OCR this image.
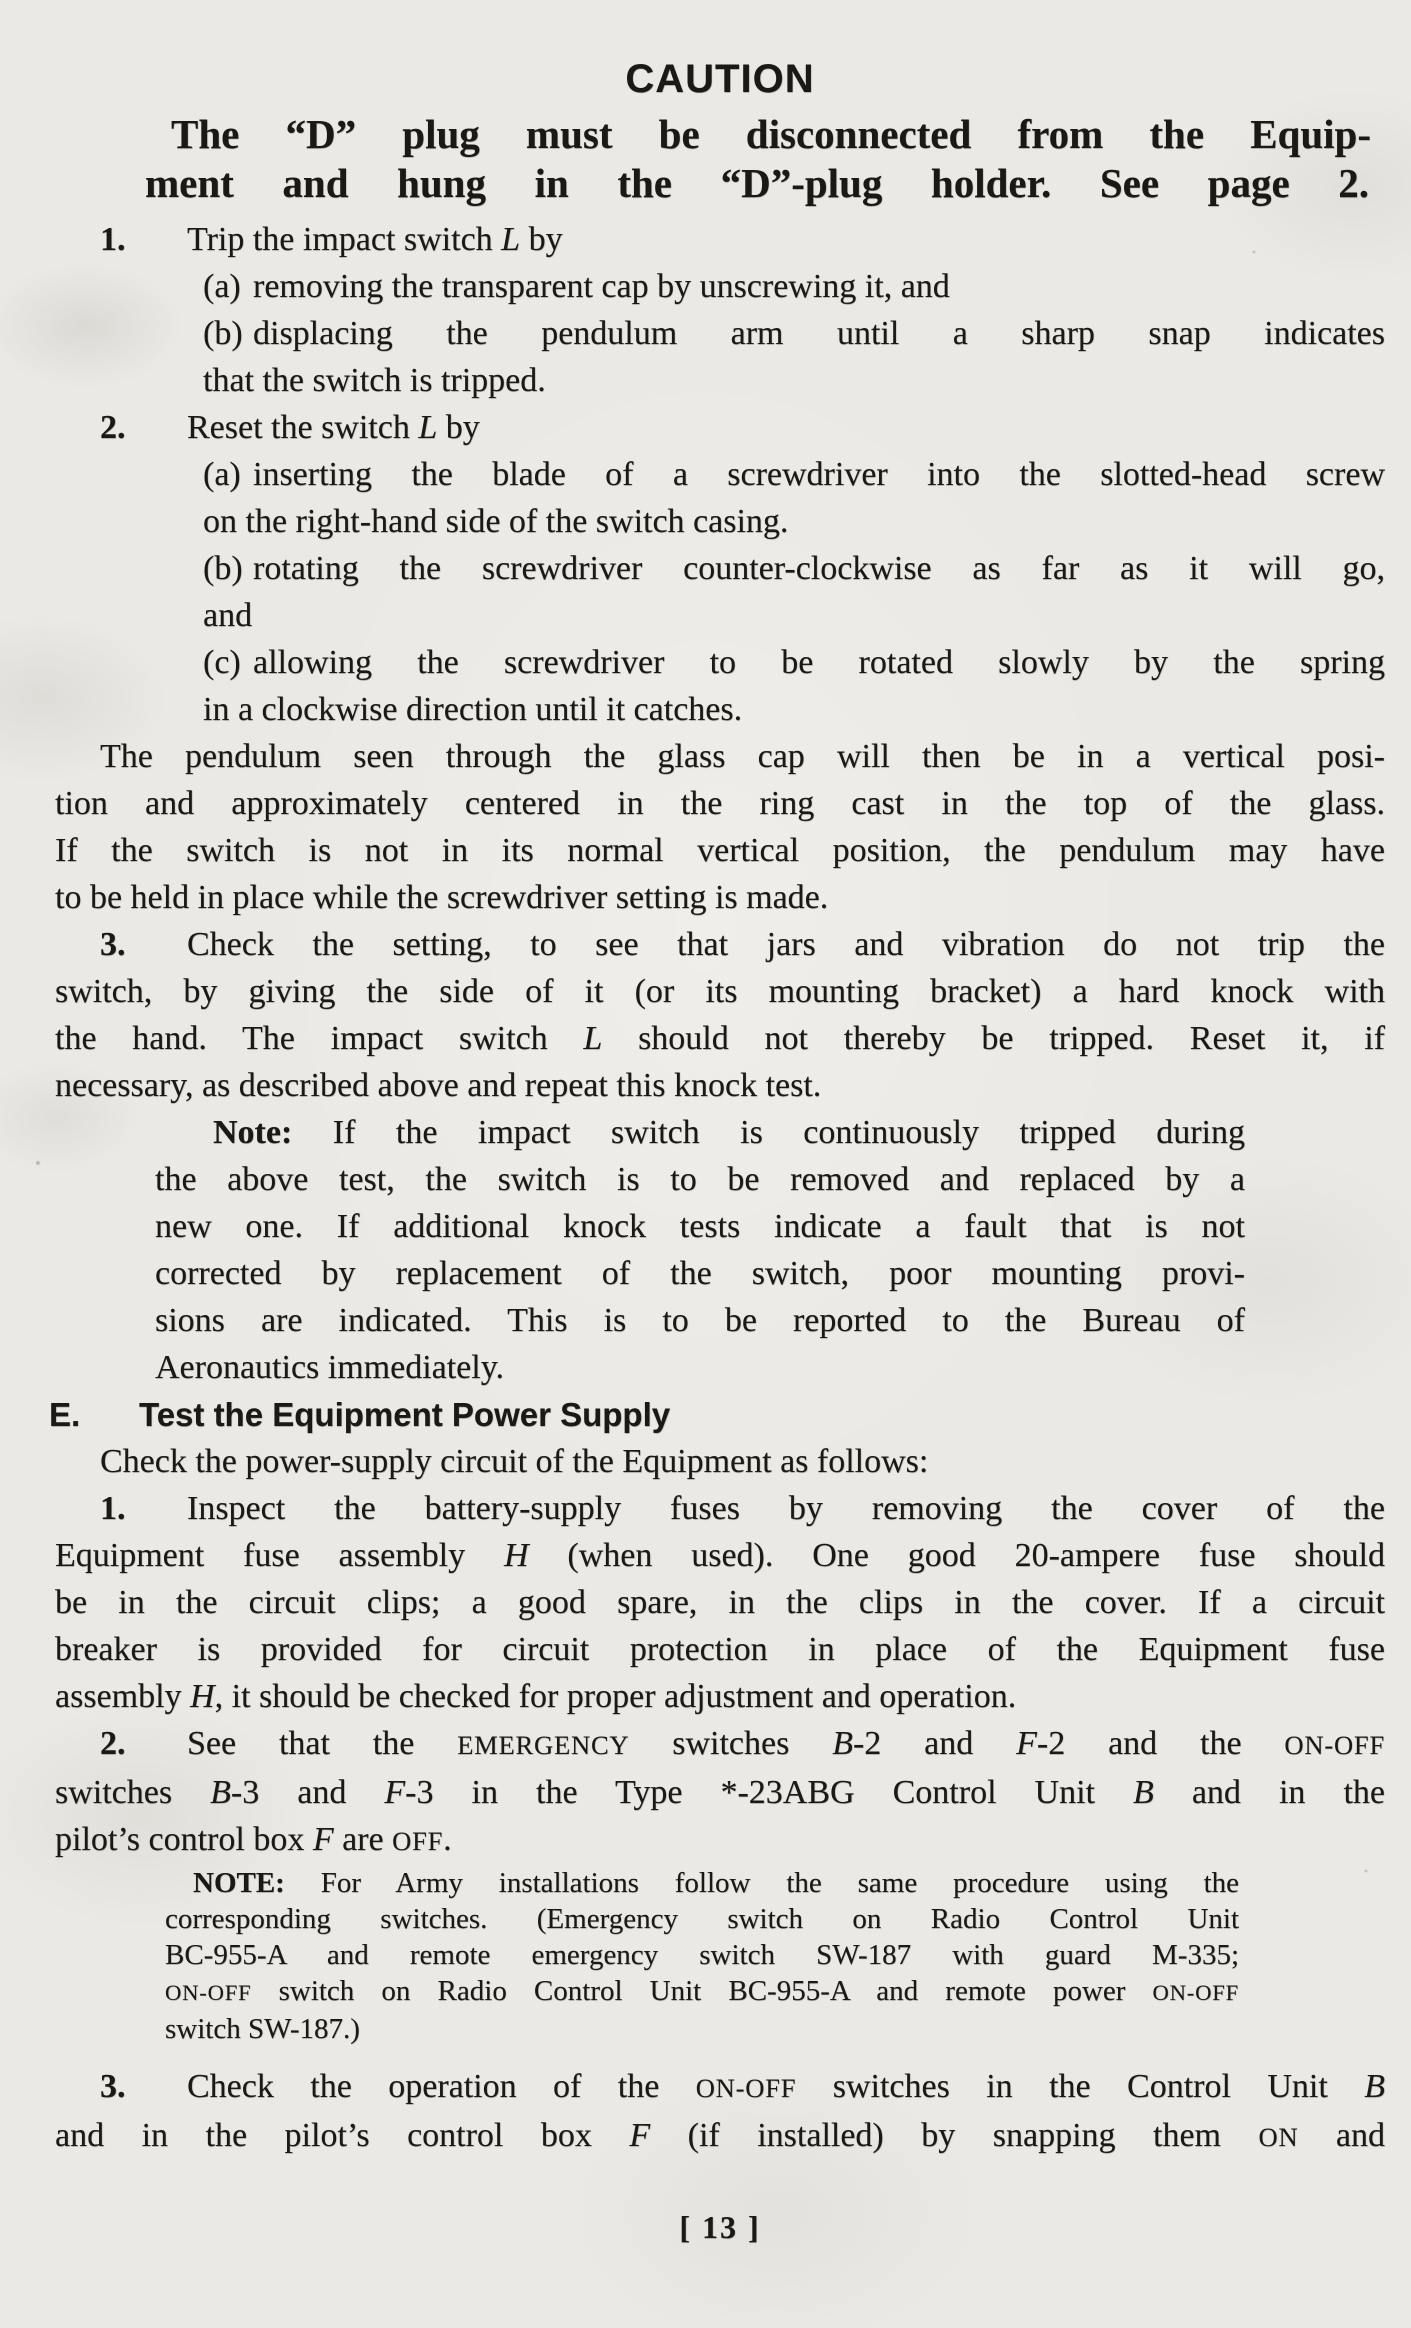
CAUTION
The “D” plug must be disconnected from the Equip-
ment and hung in the “D”-plug holder. See page 2.
1. Trip the impact switch L by
(a) removing the transparent cap by unscrewing it, and
(b) displacing the pendulum arm until a sharp snap indicates
that the switch is tripped.
2. Reset the switch L by
(a) inserting the blade of a screwdriver into the slotted-head screw
on the right-hand side of the switch casing.
(b) rotating the screwdriver counter-clockwise as far as it will go,
and
(c) allowing the screwdriver to be rotated slowly by the spring
in a clockwise direction until it catches.
The pendulum seen through the glass cap will then be in a vertical posi-
tion and approximately centered in the ring cast in the top of the glass.
If the switch is not in its normal vertical position, the pendulum may have
to be held in place while the screwdriver setting is made.
3. Check the setting, to see that jars and vibration do not trip the
switch, by giving the side of it (or its mounting bracket) a hard knock with
the hand. The impact switch L should not thereby be tripped. Reset it, if
necessary, as described above and repeat this knock test.
Note: If the impact switch is continuously tripped during
the above test, the switch is to be removed and replaced by a
new one. If additional knock tests indicate a fault that is not
corrected by replacement of the switch, poor mounting provi-
sions are indicated. This is to be reported to the Bureau of
Aeronautics immediately.
E. Test the Equipment Power Supply
Check the power-supply circuit of the Equipment as follows:
1. Inspect the battery-supply fuses by removing the cover of the
Equipment fuse assembly H (when used). One good 20-ampere fuse should
be in the circuit clips; a good spare, in the clips in the cover. If a circuit
breaker is provided for circuit protection in place of the Equipment fuse
assembly H, it should be checked for proper adjustment and operation.
2. See that the EMERGENCY switches B-2 and F-2 and the ON-OFF
switches B-3 and F-3 in the Type *-23ABG Control Unit B and in the
pilot’s control box F are OFF.
NOTE: For Army installations follow the same procedure using the
corresponding switches. (Emergency switch on Radio Control Unit
BC-955-A and remote emergency switch SW-187 with guard M-335;
ON-OFF switch on Radio Control Unit BC-955-A and remote power ON-OFF
switch SW-187.)
3. Check the operation of the ON-OFF switches in the Control Unit B
and in the pilot’s control box F (if installed) by snapping them ON and
[ 13 ]
